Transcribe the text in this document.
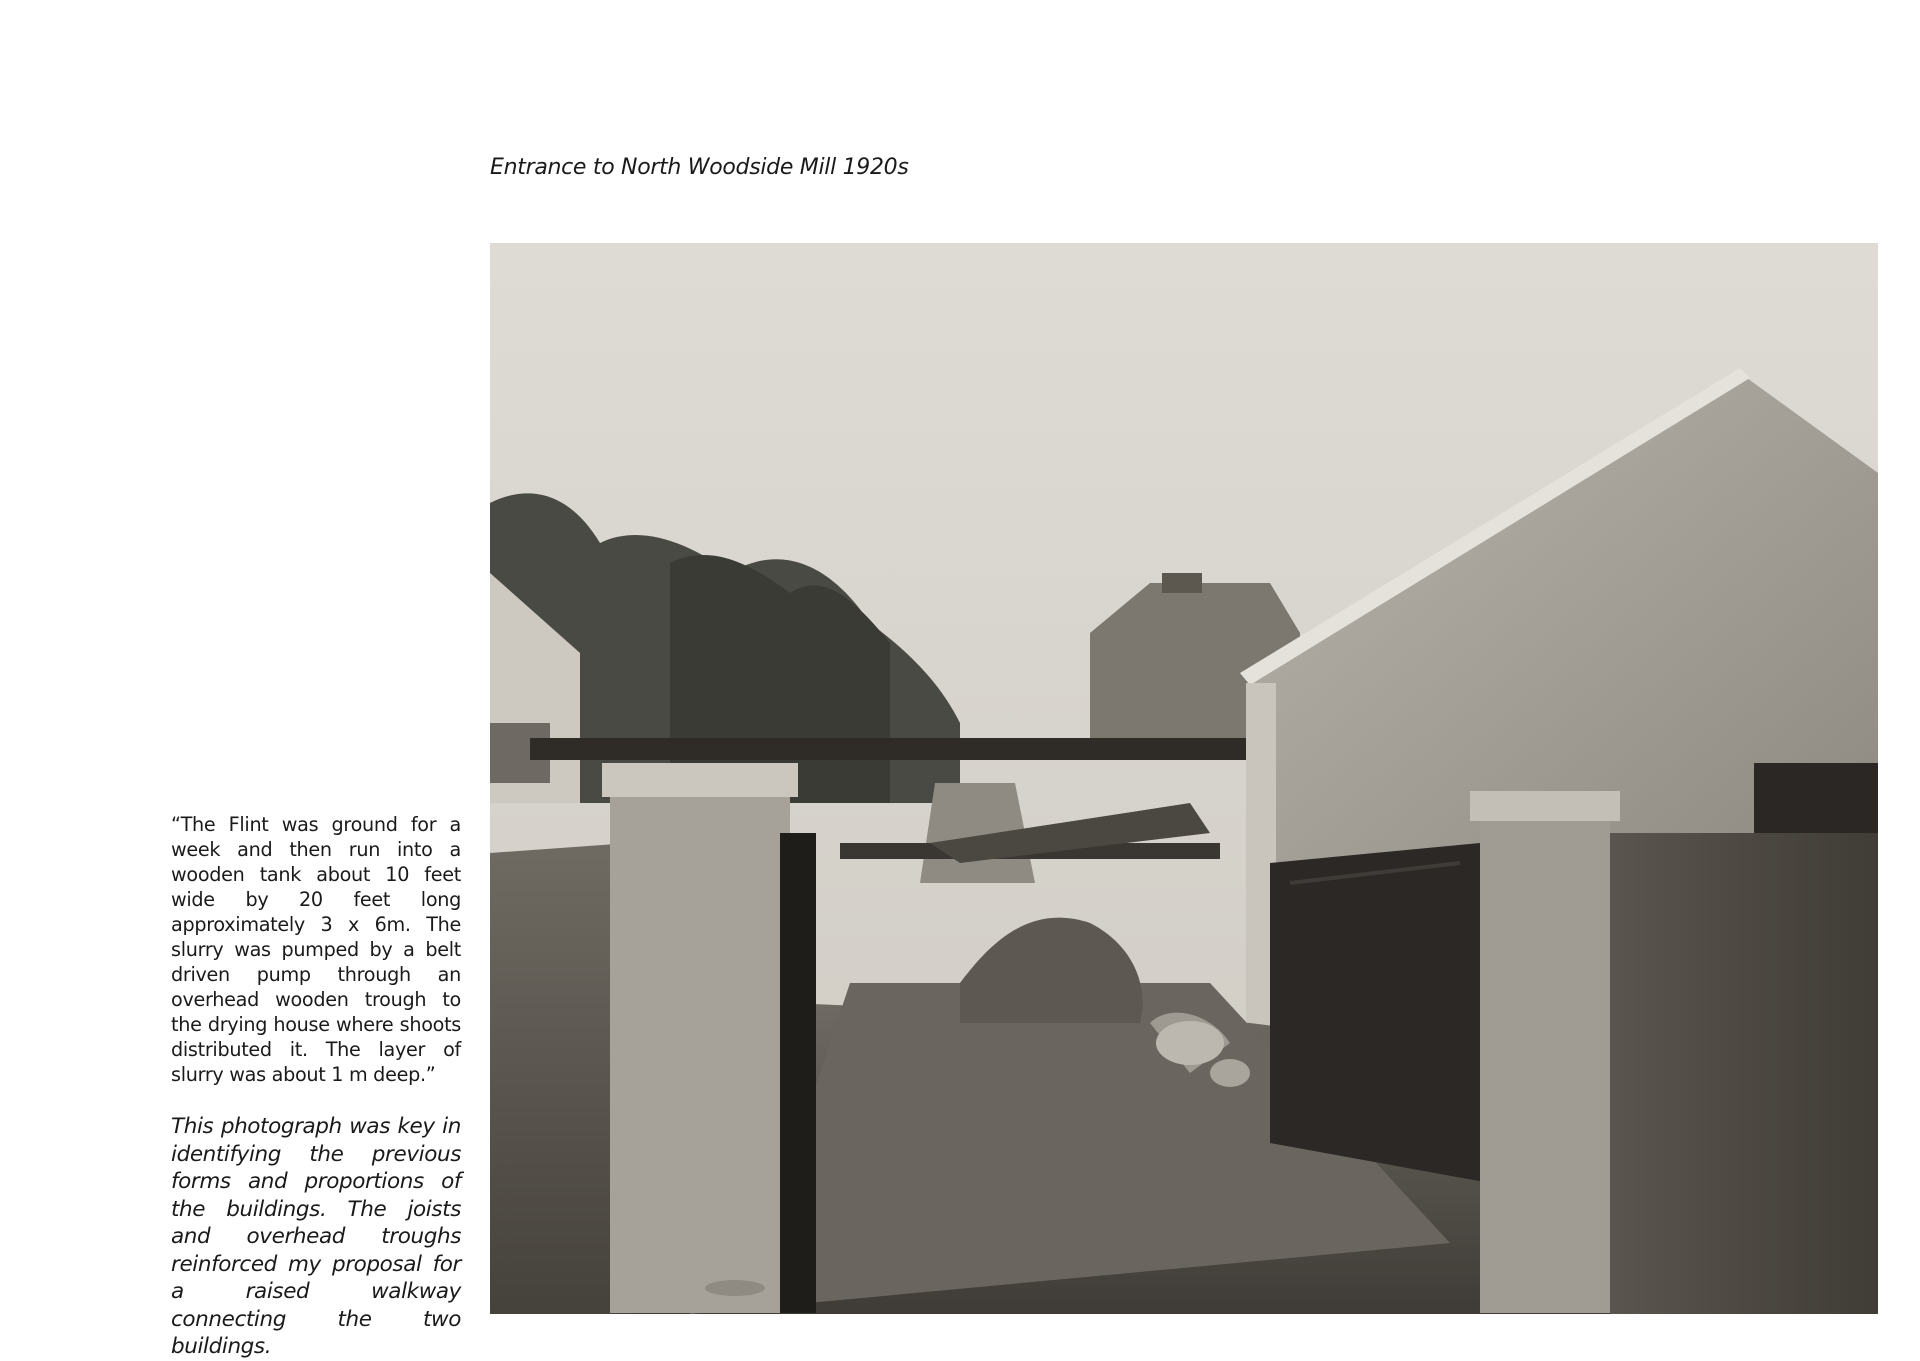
Entrance to North Woodside Mill 1920s

“The Flint was ground for a week and then run into a wooden tank about 10 feet wide by 20 feet long approximately 3 x 6m. The slurry was pumped by a belt driven pump through an overhead wooden trough to the drying house where shoots distributed it. The layer of slurry was about 1 m deep.”

This photograph was key in identifying the previous forms and proportions of the buildings. The joists and overhead troughs reinforced my proposal for a raised walkway connecting the two buildings.
